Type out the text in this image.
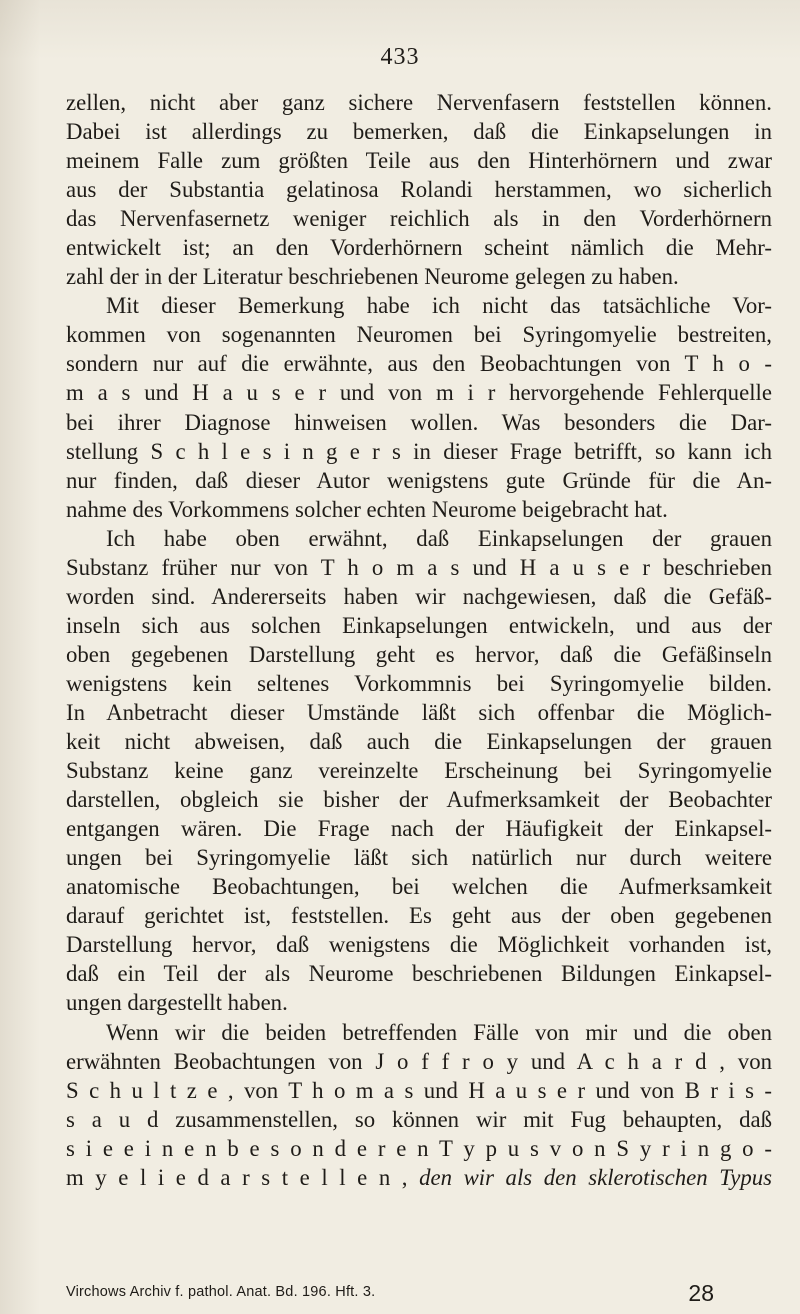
433
zellen, nicht aber ganz sichere Nervenfasern feststellen können.
Dabei ist allerdings zu bemerken, daß die Einkapselungen in
meinem Falle zum größten Teile aus den Hinterhörnern und zwar
aus der Substantia gelatinosa Rolandi herstammen, wo sicherlich
das Nervenfasernetz weniger reichlich als in den Vorderhörnern
entwickelt ist; an den Vorderhörnern scheint nämlich die Mehr-
zahl der in der Literatur beschriebenen Neurome gelegen zu haben.
Mit dieser Bemerkung habe ich nicht das tatsächliche Vor-
kommen von sogenannten Neuromen bei Syringomyelie bestreiten,
sondern nur auf die erwähnte, aus den Beobachtungen von T h o -
m a s und H a u s e r und von m i r hervorgehende Fehlerquelle
bei ihrer Diagnose hinweisen wollen. Was besonders die Dar-
stellung S c h l e s i n g e r s in dieser Frage betrifft, so kann ich
nur finden, daß dieser Autor wenigstens gute Gründe für die An-
nahme des Vorkommens solcher echten Neurome beigebracht hat.
Ich habe oben erwähnt, daß Einkapselungen der grauen
Substanz früher nur von T h o m a s und H a u s e r beschrieben
worden sind. Andererseits haben wir nachgewiesen, daß die Gefäß-
inseln sich aus solchen Einkapselungen entwickeln, und aus der
oben gegebenen Darstellung geht es hervor, daß die Gefäßinseln
wenigstens kein seltenes Vorkommnis bei Syringomyelie bilden.
In Anbetracht dieser Umstände läßt sich offenbar die Möglich-
keit nicht abweisen, daß auch die Einkapselungen der grauen
Substanz keine ganz vereinzelte Erscheinung bei Syringomyelie
darstellen, obgleich sie bisher der Aufmerksamkeit der Beobachter
entgangen wären. Die Frage nach der Häufigkeit der Einkapsel-
ungen bei Syringomyelie läßt sich natürlich nur durch weitere
anatomische Beobachtungen, bei welchen die Aufmerksamkeit
darauf gerichtet ist, feststellen. Es geht aus der oben gegebenen
Darstellung hervor, daß wenigstens die Möglichkeit vorhanden ist,
daß ein Teil der als Neurome beschriebenen Bildungen Einkapsel-
ungen dargestellt haben.
Wenn wir die beiden betreffenden Fälle von mir und die oben
erwähnten Beobachtungen von J o f f r o y und A c h a r d , von
S c h u l t z e , von T h o m a s und H a u s e r und von B r i s -
s a u d zusammenstellen, so können wir mit Fug behaupten, daß
s i e e i n e n b e s o n d e r e n T y p u s v o n S y r i n g o -
m y e l i e d a r s t e l l e n , den wir als den sklerotischen Typus
Virchows Archiv f. pathol. Anat. Bd. 196. Hft. 3.	28
